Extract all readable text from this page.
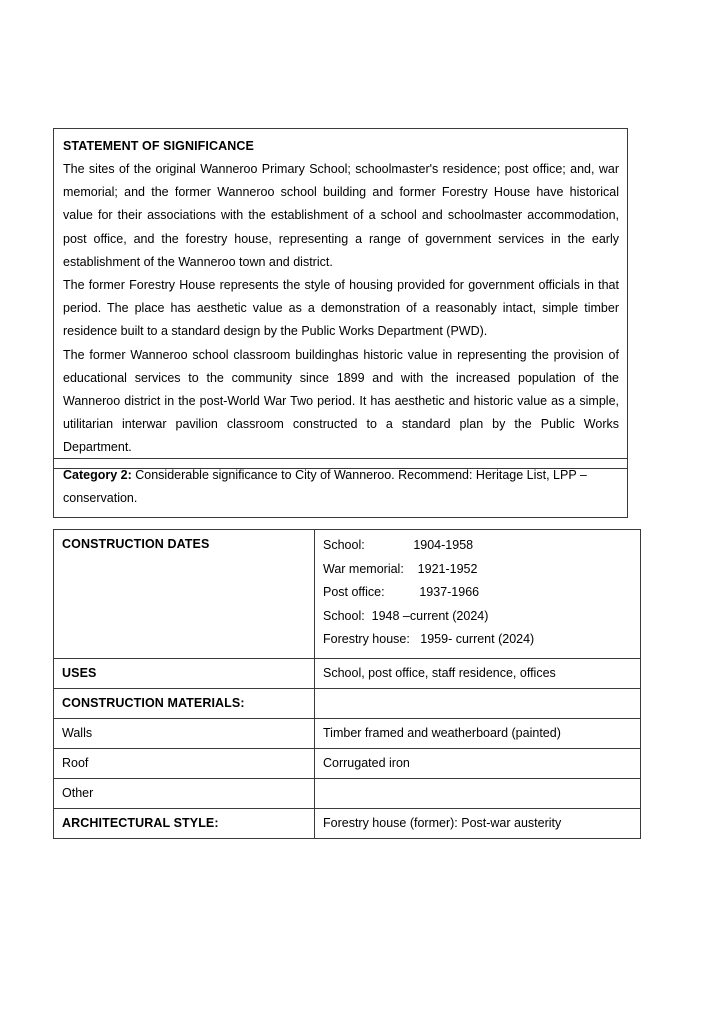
STATEMENT OF SIGNIFICANCE

The sites of the original Wanneroo Primary School; schoolmaster's residence; post office; and, war memorial; and the former Wanneroo school building and former Forestry House have historical value for their associations with the establishment of a school and schoolmaster accommodation, post office, and the forestry house, representing a range of government services in the early establishment of the Wanneroo town and district.

The former Forestry House represents the style of housing provided for government officials in that period. The place has aesthetic value as a demonstration of a reasonably intact, simple timber residence built to a standard design by the Public Works Department (PWD).

The former Wanneroo school classroom buildinghas historic value in representing the provision of educational services to the community since 1899 and with the increased population of the Wanneroo district in the post-World War Two period. It has aesthetic and historic value as a simple, utilitarian interwar pavilion classroom constructed to a standard plan by the Public Works Department.

Category 2: Considerable significance to City of Wanneroo. Recommend: Heritage List, LPP – conservation.
CONSTRUCTION DATES	School:              1904-1958
War memorial:    1921-1952
Post office:          1937-1966
School:  1948 –current (2024)
Forestry house:   1959- current (2024)

USES	School, post office, staff residence, offices
CONSTRUCTION MATERIALS:	
Walls	Timber framed and weatherboard (painted)
Roof	Corrugated iron
Other	
ARCHITECTURAL STYLE:	Forestry house (former): Post-war austerity
